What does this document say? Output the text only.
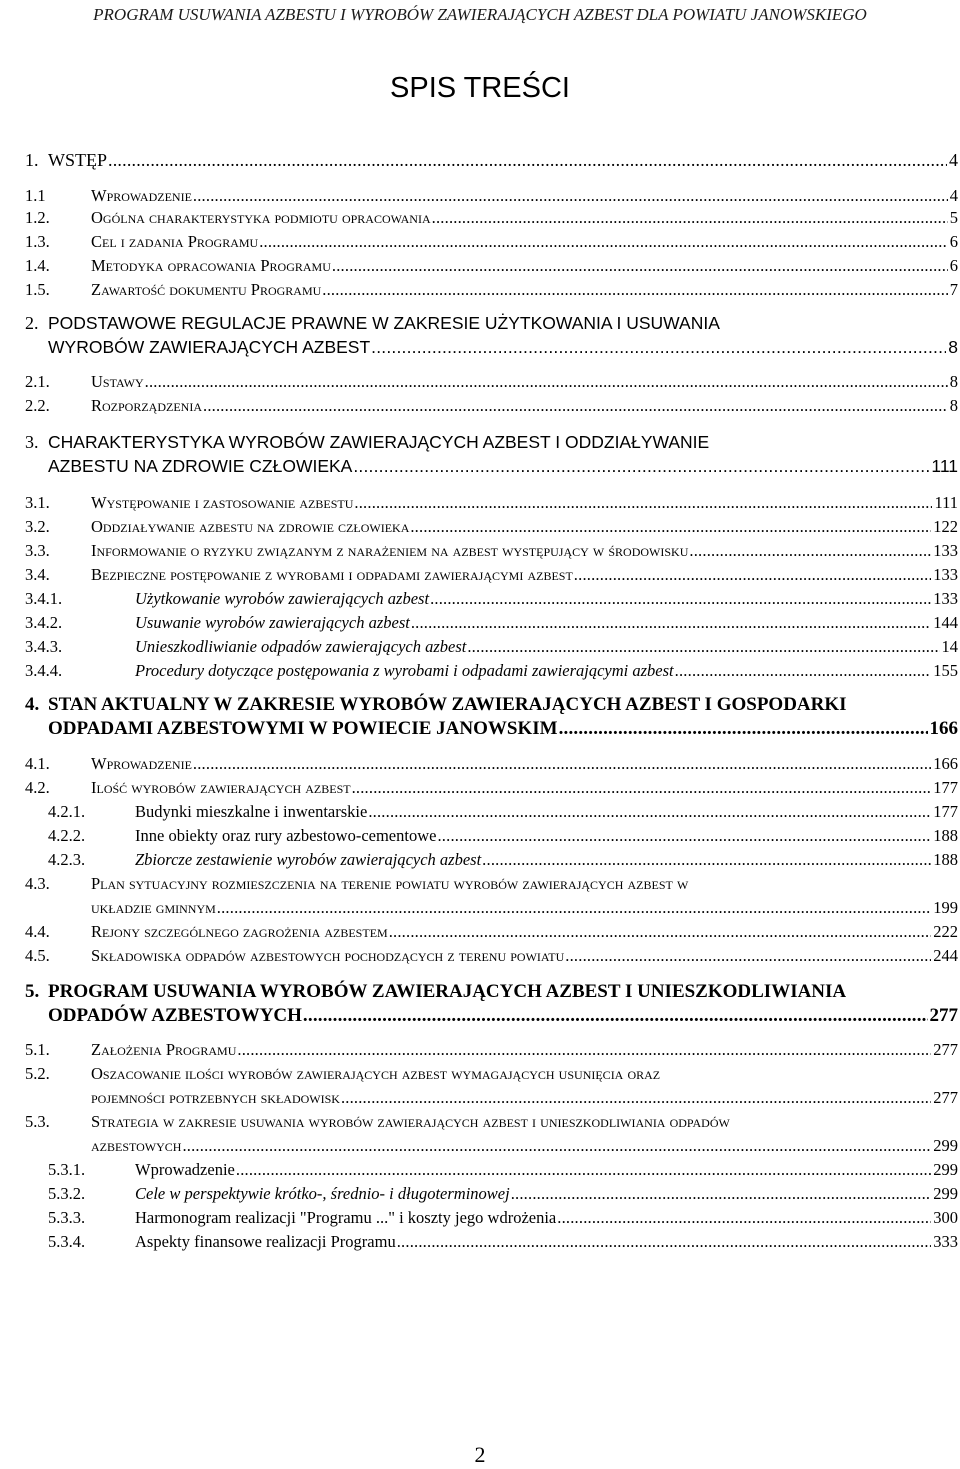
PROGRAM USUWANIA AZBESTU I WYROBÓW ZAWIERAJĄCYCH AZBEST DLA POWIATU JANOWSKIEGO
SPIS TREŚCI
1. WSTĘP .....	4
1.1	Wprowadzenie .....	4
1.2.	Ogólna charakterystyka podmiotu opracowania .....	5
1.3.	Cel i zadania Programu .....	6
1.4.	Metodyka opracowania Programu .....	6
1.5.	Zawartość dokumentu Programu .....	7
2. PODSTAWOWE REGULACJE PRAWNE W ZAKRESIE UŻYTKOWANIA I USUWANIA
WYROBÓW ZAWIERAJĄCYCH AZBEST .....	8
2.1.	Ustawy .....	8
2.2.	Rozporządzenia .....	8
3. CHARAKTERYSTYKA WYROBÓW ZAWIERAJĄCYCH AZBEST I ODDZIAŁYWANIE
AZBESTU NA ZDROWIE CZŁOWIEKA .....	111
3.1.	Występowanie i zastosowanie azbestu .....	111
3.2.	Oddziaływanie azbestu na zdrowie człowieka .....	122
3.3.	Informowanie o ryzyku związanym z narażeniem na azbest występujący w środowisku .....	133
3.4.	Bezpieczne postępowanie z wyrobami i odpadami zawierającymi azbest .....	133
3.4.1.	Użytkowanie wyrobów zawierających azbest .....	133
3.4.2.	Usuwanie wyrobów zawierających azbest .....	144
3.4.3.	Unieszkodliwianie odpadów zawierających azbest .....	14
3.4.4.	Procedury dotyczące postępowania z wyrobami i odpadami zawierającymi azbest .....	155
4. STAN AKTUALNY W ZAKRESIE WYROBÓW ZAWIERAJĄCYCH AZBEST I GOSPODARKI
ODPADAMI AZBESTOWYMI W POWIECIE JANOWSKIM .....	166
4.1.	Wprowadzenie .....	166
4.2.	Ilość wyrobów zawierających azbest .....	177
4.2.1.	Budynki mieszkalne i inwentarskie .....	177
4.2.2.	Inne obiekty oraz rury azbestowo-cementowe .....	188
4.2.3.	Zbiorcze zestawienie wyrobów zawierających azbest .....	188
4.3.	Plan sytuacyjny rozmieszczenia na terenie powiatu wyrobów zawierających azbest w
układzie gminnym .....	199
4.4.	Rejony szczególnego zagrożenia azbestem .....	222
4.5.	Składowiska odpadów azbestowych pochodzących z terenu powiatu .....	244
5. PROGRAM USUWANIA WYROBÓW ZAWIERAJĄCYCH AZBEST I UNIESZKODLIWIANIA
ODPADÓW AZBESTOWYCH .....	277
5.1.	Założenia Programu .....	277
5.2.	Oszacowanie ilości wyrobów zawierających azbest wymagających usunięcia oraz
pojemności potrzebnych składowisk .....	277
5.3.	Strategia w zakresie usuwania wyrobów zawierających azbest i unieszkodliwiania odpadów
azbestowych .....	299
5.3.1.	Wprowadzenie .....	299
5.3.2.	Cele w perspektywie krótko-, średnio- i długoterminowej .....	299
5.3.3.	Harmonogram realizacji "Programu ..." i koszty jego wdrożenia .....	300
5.3.4.	Aspekty finansowe realizacji Programu .....	333
2
